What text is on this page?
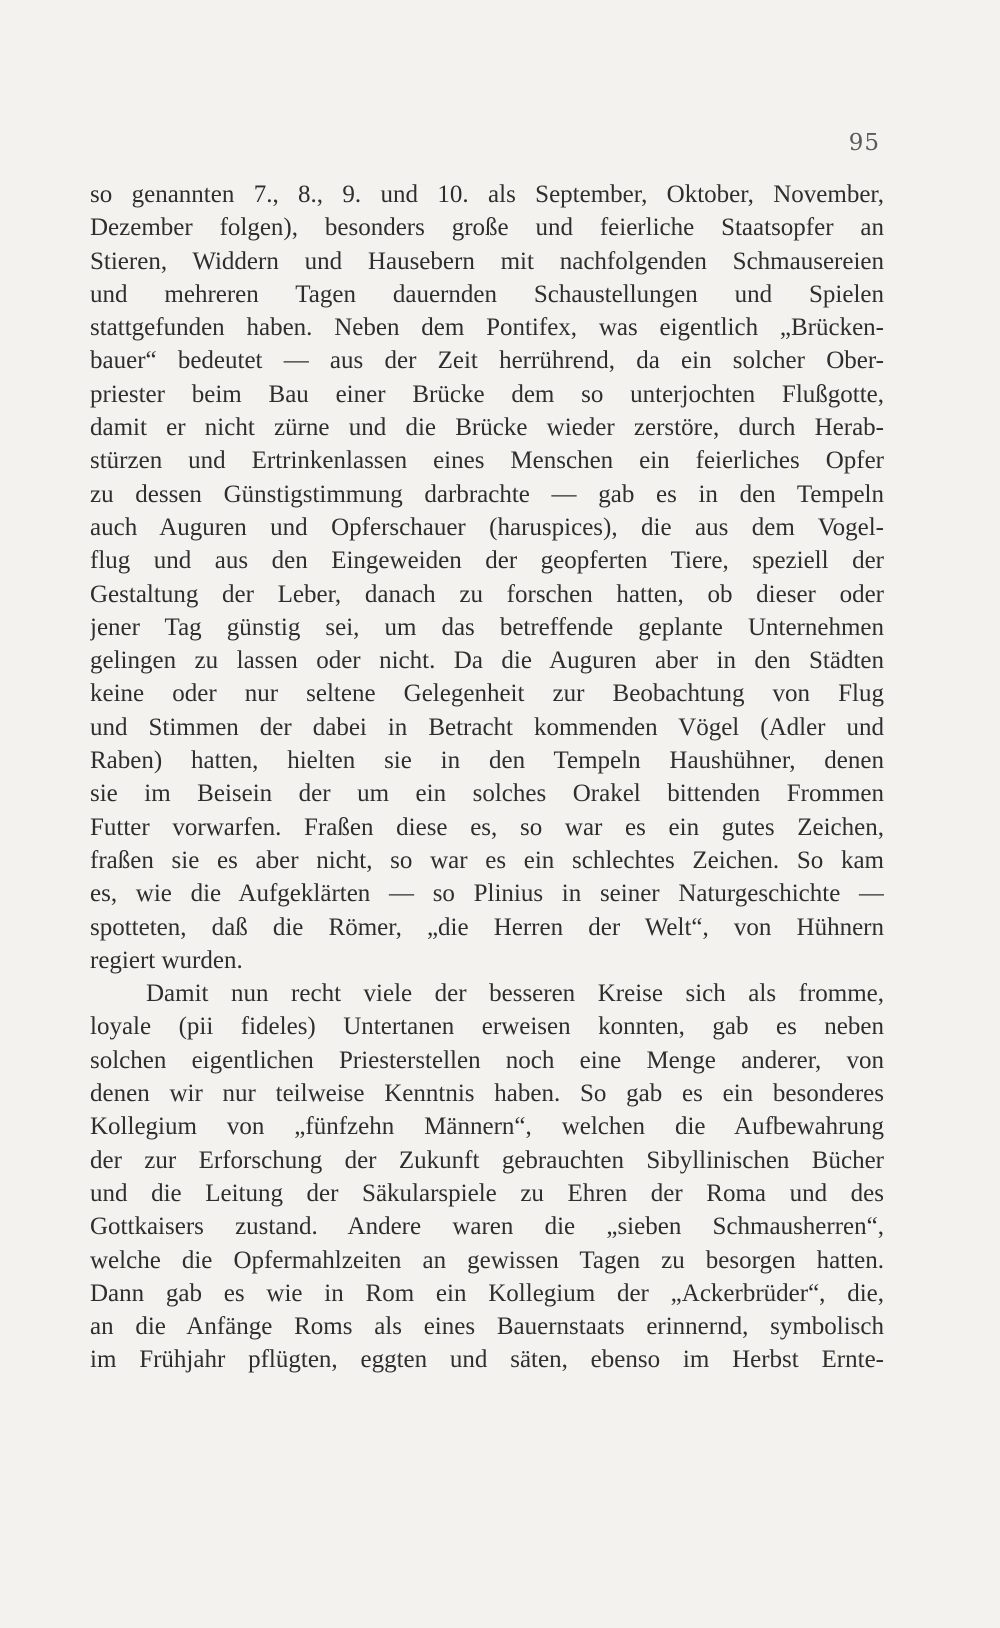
95
so genannten 7., 8., 9. und 10. als September, Oktober, November,
Dezember folgen), besonders große und feierliche Staatsopfer an
Stieren, Widdern und Hausebern mit nachfolgenden Schmausereien
und mehreren Tagen dauernden Schaustellungen und Spielen
stattgefunden haben. Neben dem Pontifex, was eigentlich „Brücken-
bauer“ bedeutet — aus der Zeit herrührend, da ein solcher Ober-
priester beim Bau einer Brücke dem so unterjochten Flußgotte,
damit er nicht zürne und die Brücke wieder zerstöre, durch Herab-
stürzen und Ertrinkenlassen eines Menschen ein feierliches Opfer
zu dessen Günstigstimmung darbrachte — gab es in den Tempeln
auch Auguren und Opferschauer (haruspices), die aus dem Vogel-
flug und aus den Eingeweiden der geopferten Tiere, speziell der
Gestaltung der Leber, danach zu forschen hatten, ob dieser oder
jener Tag günstig sei, um das betreffende geplante Unternehmen
gelingen zu lassen oder nicht. Da die Auguren aber in den Städten
keine oder nur seltene Gelegenheit zur Beobachtung von Flug
und Stimmen der dabei in Betracht kommenden Vögel (Adler und
Raben) hatten, hielten sie in den Tempeln Haushühner, denen
sie im Beisein der um ein solches Orakel bittenden Frommen
Futter vorwarfen. Fraßen diese es, so war es ein gutes Zeichen,
fraßen sie es aber nicht, so war es ein schlechtes Zeichen. So kam
es, wie die Aufgeklärten — so Plinius in seiner Naturgeschichte —
spotteten, daß die Römer, „die Herren der Welt“, von Hühnern
regiert wurden.
Damit nun recht viele der besseren Kreise sich als fromme,
loyale (pii fideles) Untertanen erweisen konnten, gab es neben
solchen eigentlichen Priesterstellen noch eine Menge anderer, von
denen wir nur teilweise Kenntnis haben. So gab es ein besonderes
Kollegium von „fünfzehn Männern“, welchen die Aufbewahrung
der zur Erforschung der Zukunft gebrauchten Sibyllinischen Bücher
und die Leitung der Säkularspiele zu Ehren der Roma und des
Gottkaisers zustand. Andere waren die „sieben Schmausherren“,
welche die Opfermahlzeiten an gewissen Tagen zu besorgen hatten.
Dann gab es wie in Rom ein Kollegium der „Ackerbrüder“, die,
an die Anfänge Roms als eines Bauernstaats erinnernd, symbolisch
im Frühjahr pflügten, eggten und säten, ebenso im Herbst Ernte-
